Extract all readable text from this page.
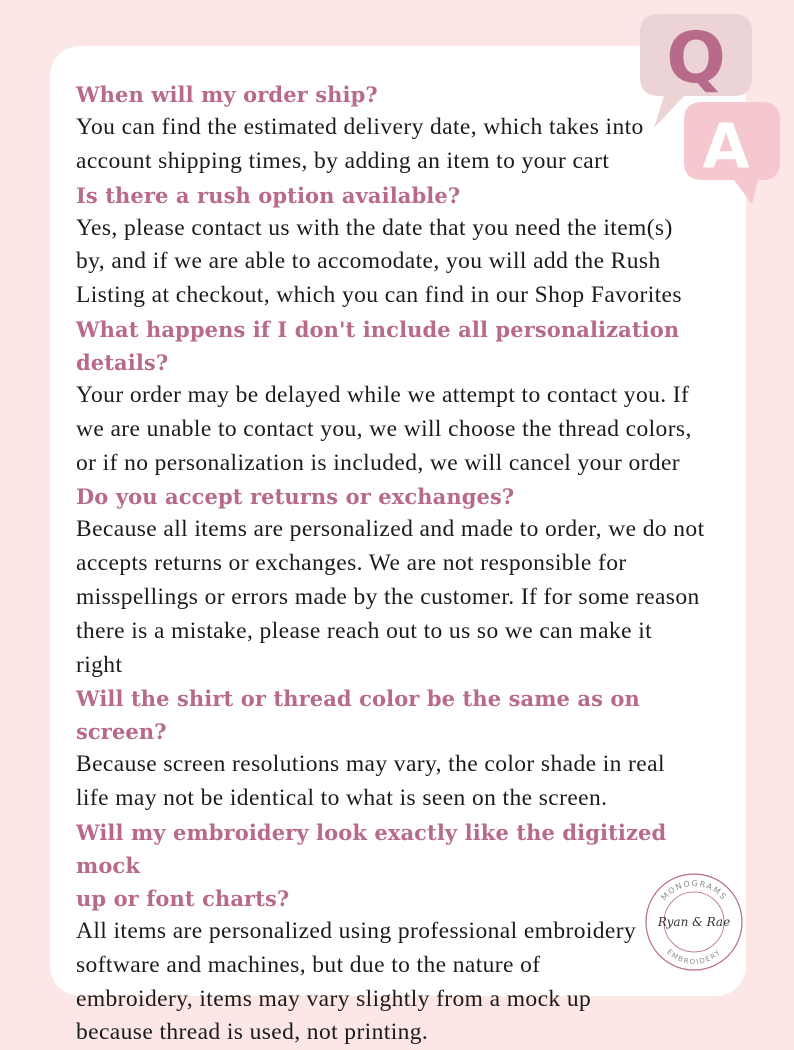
Q
A

When will my order ship?

You can find the estimated delivery date, which takes into
account shipping times, by adding an item to your cart

Is there a rush option available?

Yes, please contact us with the date that you need the item(s)
by, and if we are able to accomodate, you will add the Rush
Listing at checkout, which you can find in our Shop Favorites

What happens if I don't include all personalization details?

Your order may be delayed while we attempt to contact you. If
we are unable to contact you, we will choose the thread colors,
or if no personalization is included, we will cancel your order

Do you accept returns or exchanges?

Because all items are personalized and made to order, we do not
accepts returns or exchanges. We are not responsible for
misspellings or errors made by the customer. If for some reason
there is a mistake, please reach out to us so we can make it
right

Will the shirt or thread color be the same as on screen?

Because screen resolutions may vary, the color shade in real
life may not be identical to what is seen on the screen.

Will my embroidery look exactly like the digitized mock
up or font charts?

All items are personalized using professional embroidery
software and machines, but due to the nature of
embroidery, items may vary slightly from a mock up
because thread is used, not printing.

MONOGRAMS
Ryan & Rae
EMBROIDERY
